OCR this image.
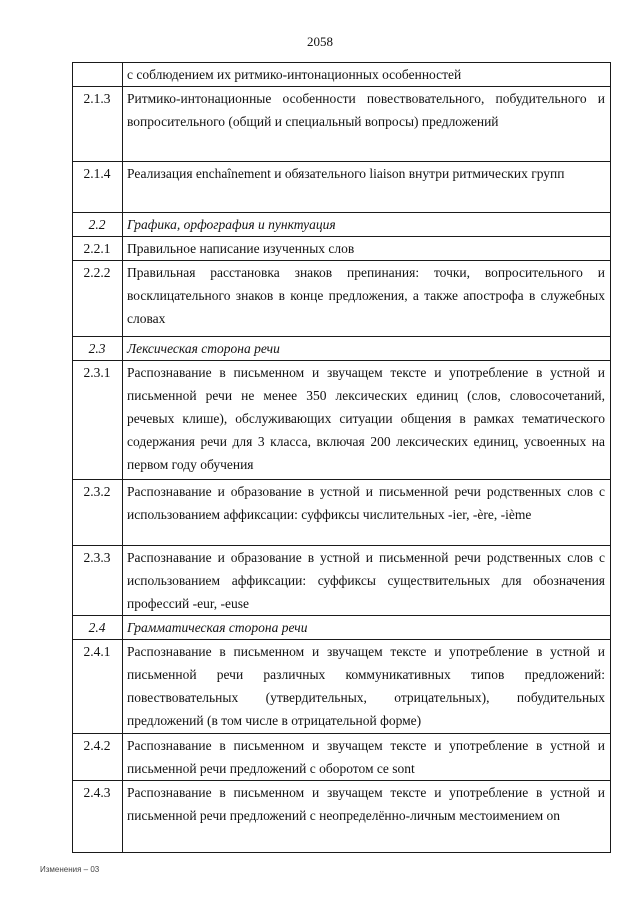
2058
	с соблюдением их ритмико-интонационных особенностей
2.1.3	Ритмико-интонационные особенности повествовательного, побудительного и вопросительного (общий и специальный вопросы) предложений
2.1.4	Реализация enchaînement и обязательного liaison внутри ритмических групп
2.2	Графика, орфография и пунктуация
2.2.1	Правильное написание изученных слов
2.2.2	Правильная расстановка знаков препинания: точки, вопросительного и восклицательного знаков в конце предложения, а также апострофа в служебных словах
2.3	Лексическая сторона речи
2.3.1	Распознавание в письменном и звучащем тексте и употребление в устной и письменной речи не менее 350 лексических единиц (слов, словосочетаний, речевых клише), обслуживающих ситуации общения в рамках тематического содержания речи для 3 класса, включая 200 лексических единиц, усвоенных на первом году обучения
2.3.2	Распознавание и образование в устной и письменной речи родственных слов с использованием аффиксации: суффиксы числительных -ier, -ère, -ième
2.3.3	Распознавание и образование в устной и письменной речи родственных слов с использованием аффиксации: суффиксы существительных для обозначения профессий -eur, -euse
2.4	Грамматическая сторона речи
2.4.1	Распознавание в письменном и звучащем тексте и употребление в устной и письменной речи различных коммуникативных типов предложений: повествовательных (утвердительных, отрицательных), побудительных предложений (в том числе в отрицательной форме)
2.4.2	Распознавание в письменном и звучащем тексте и употребление в устной и письменной речи предложений с оборотом ce sont
2.4.3	Распознавание в письменном и звучащем тексте и употребление в устной и письменной речи предложений с неопределённо-личным местоимением on
Изменения – 03
